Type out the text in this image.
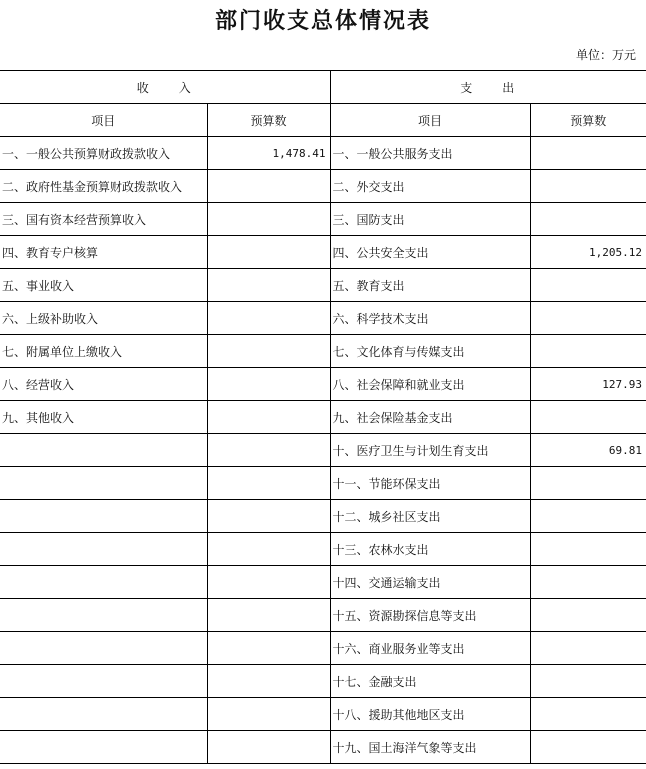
部门收支总体情况表
单位：万元
收　　入		支　　出	
项目	预算数	项目	预算数
一、一般公共预算财政拨款收入	1,478.41	一、一般公共服务支出	
二、政府性基金预算财政拨款收入		二、外交支出	
三、国有资本经营预算收入		三、国防支出	
四、教育专户核算		四、公共安全支出	1,205.12
五、事业收入		五、教育支出	
六、上级补助收入		六、科学技术支出	
七、附属单位上缴收入		七、文化体育与传媒支出	
八、经营收入		八、社会保障和就业支出	127.93
九、其他收入		九、社会保险基金支出	
		十、医疗卫生与计划生育支出	69.81
		十一、节能环保支出	
		十二、城乡社区支出	
		十三、农林水支出	
		十四、交通运输支出	
		十五、资源勘探信息等支出	
		十六、商业服务业等支出	
		十七、金融支出	
		十八、援助其他地区支出	
		十九、国土海洋气象等支出	
